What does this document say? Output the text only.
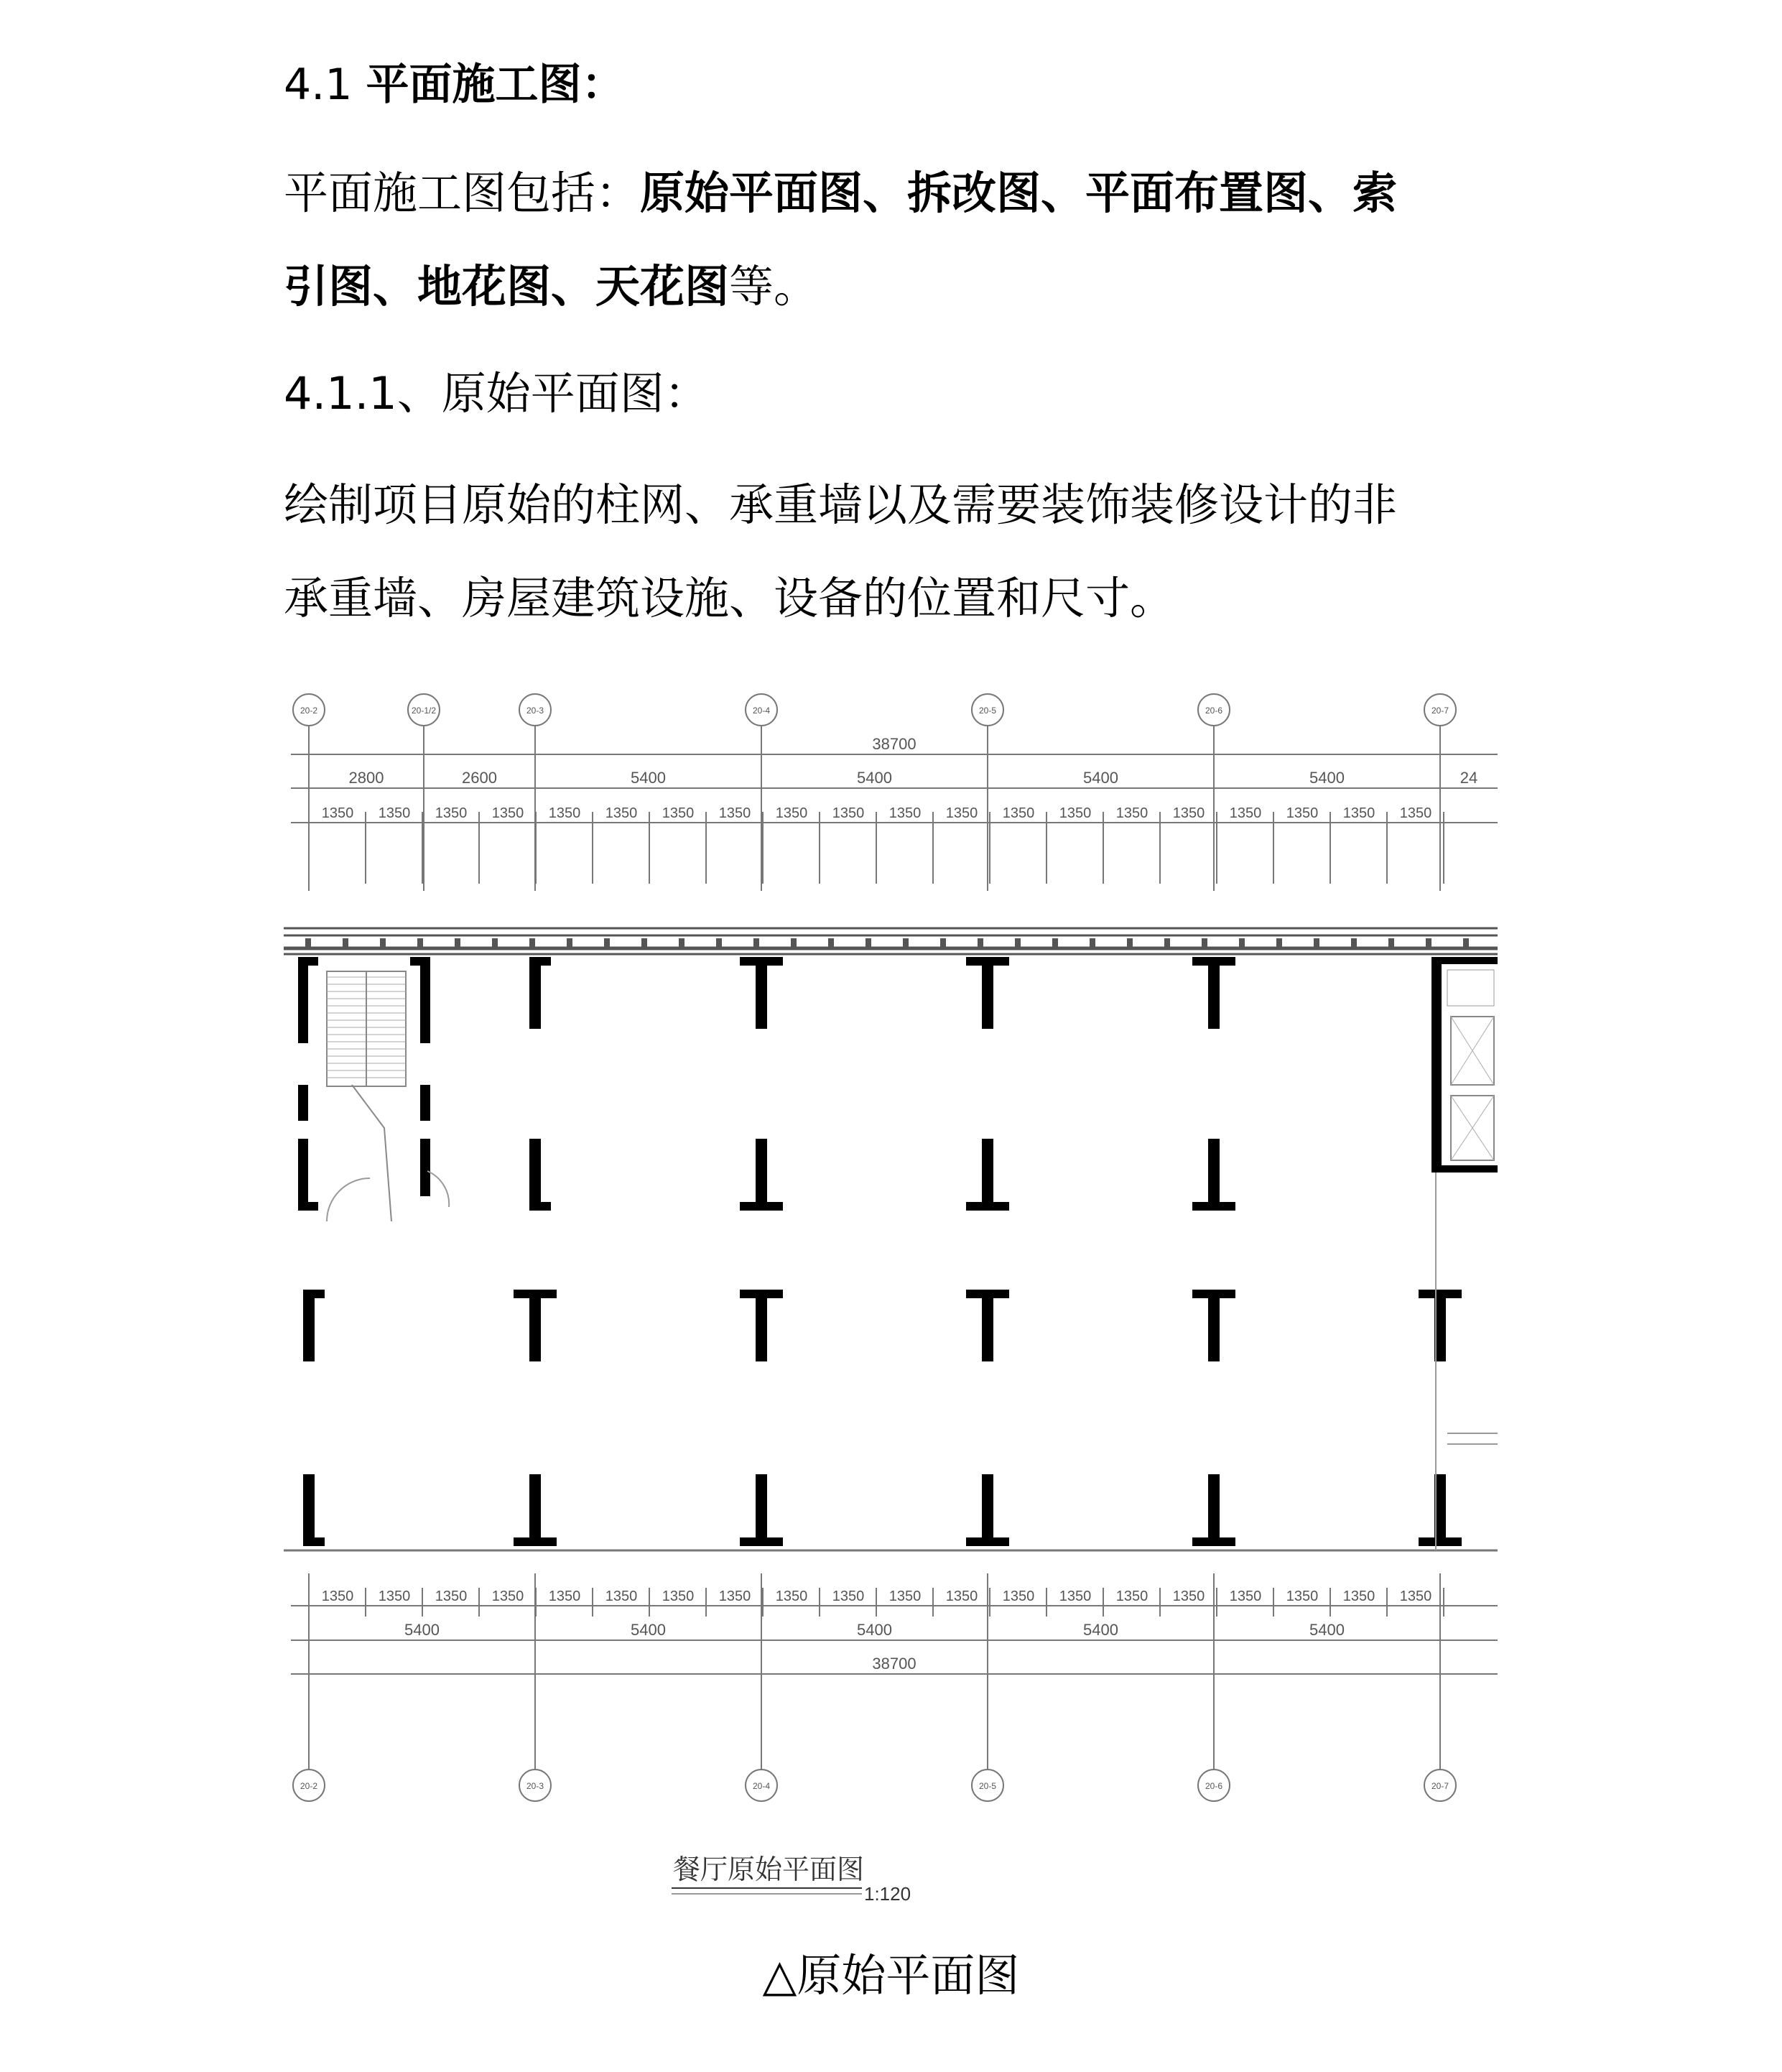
4.1 平面施工图：
平面施工图包括：原始平面图、拆改图、平面布置图、索
引图、地花图、天花图等。
4.1.1、原始平面图：
绘制项目原始的柱网、承重墙以及需要装饰装修设计的非
承重墙、房屋建筑设施、设备的位置和尺寸。
20-2	20-1/2	20-3	20-4	20-5	20-6	20-7
38700
2800	2600	5400	5400	5400	5400	24
1350 1350 1350 1350 1350 1350 1350 1350 1350 1350 1350 1350 1350 1350 1350 1350 1350 1350 1350 1350
1350 1350 1350 1350 1350 1350 1350 1350 1350 1350 1350 1350 1350 1350 1350 1350 1350 1350 1350 1350
5400	5400	5400	5400	5400
38700
20-2	20-3	20-4	20-5	20-6	20-7
餐厅原始平面图
1:120
△原始平面图
